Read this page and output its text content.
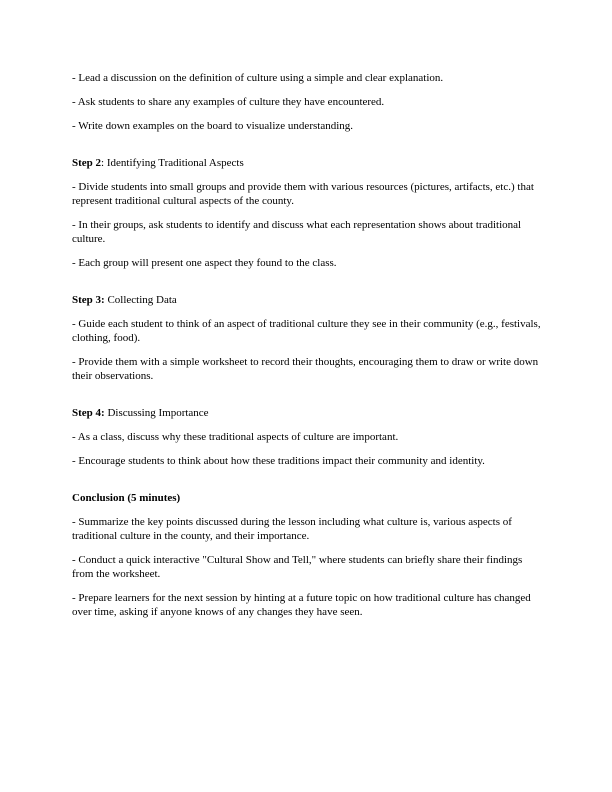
- Lead a discussion on the definition of culture using a simple and clear explanation.

- Ask students to share any examples of culture they have encountered.

- Write down examples on the board to visualize understanding.

Step 2: Identifying Traditional Aspects

- Divide students into small groups and provide them with various resources (pictures, artifacts, etc.) that represent traditional cultural aspects of the county.

- In their groups, ask students to identify and discuss what each representation shows about traditional culture.

- Each group will present one aspect they found to the class.

Step 3: Collecting Data

- Guide each student to think of an aspect of traditional culture they see in their community (e.g., festivals, clothing, food).

- Provide them with a simple worksheet to record their thoughts, encouraging them to draw or write down their observations.

Step 4: Discussing Importance

- As a class, discuss why these traditional aspects of culture are important.

- Encourage students to think about how these traditions impact their community and identity.

Conclusion (5 minutes)

- Summarize the key points discussed during the lesson including what culture is, various aspects of traditional culture in the county, and their importance.

- Conduct a quick interactive "Cultural Show and Tell," where students can briefly share their findings from the worksheet.

- Prepare learners for the next session by hinting at a future topic on how traditional culture has changed over time, asking if anyone knows of any changes they have seen.
